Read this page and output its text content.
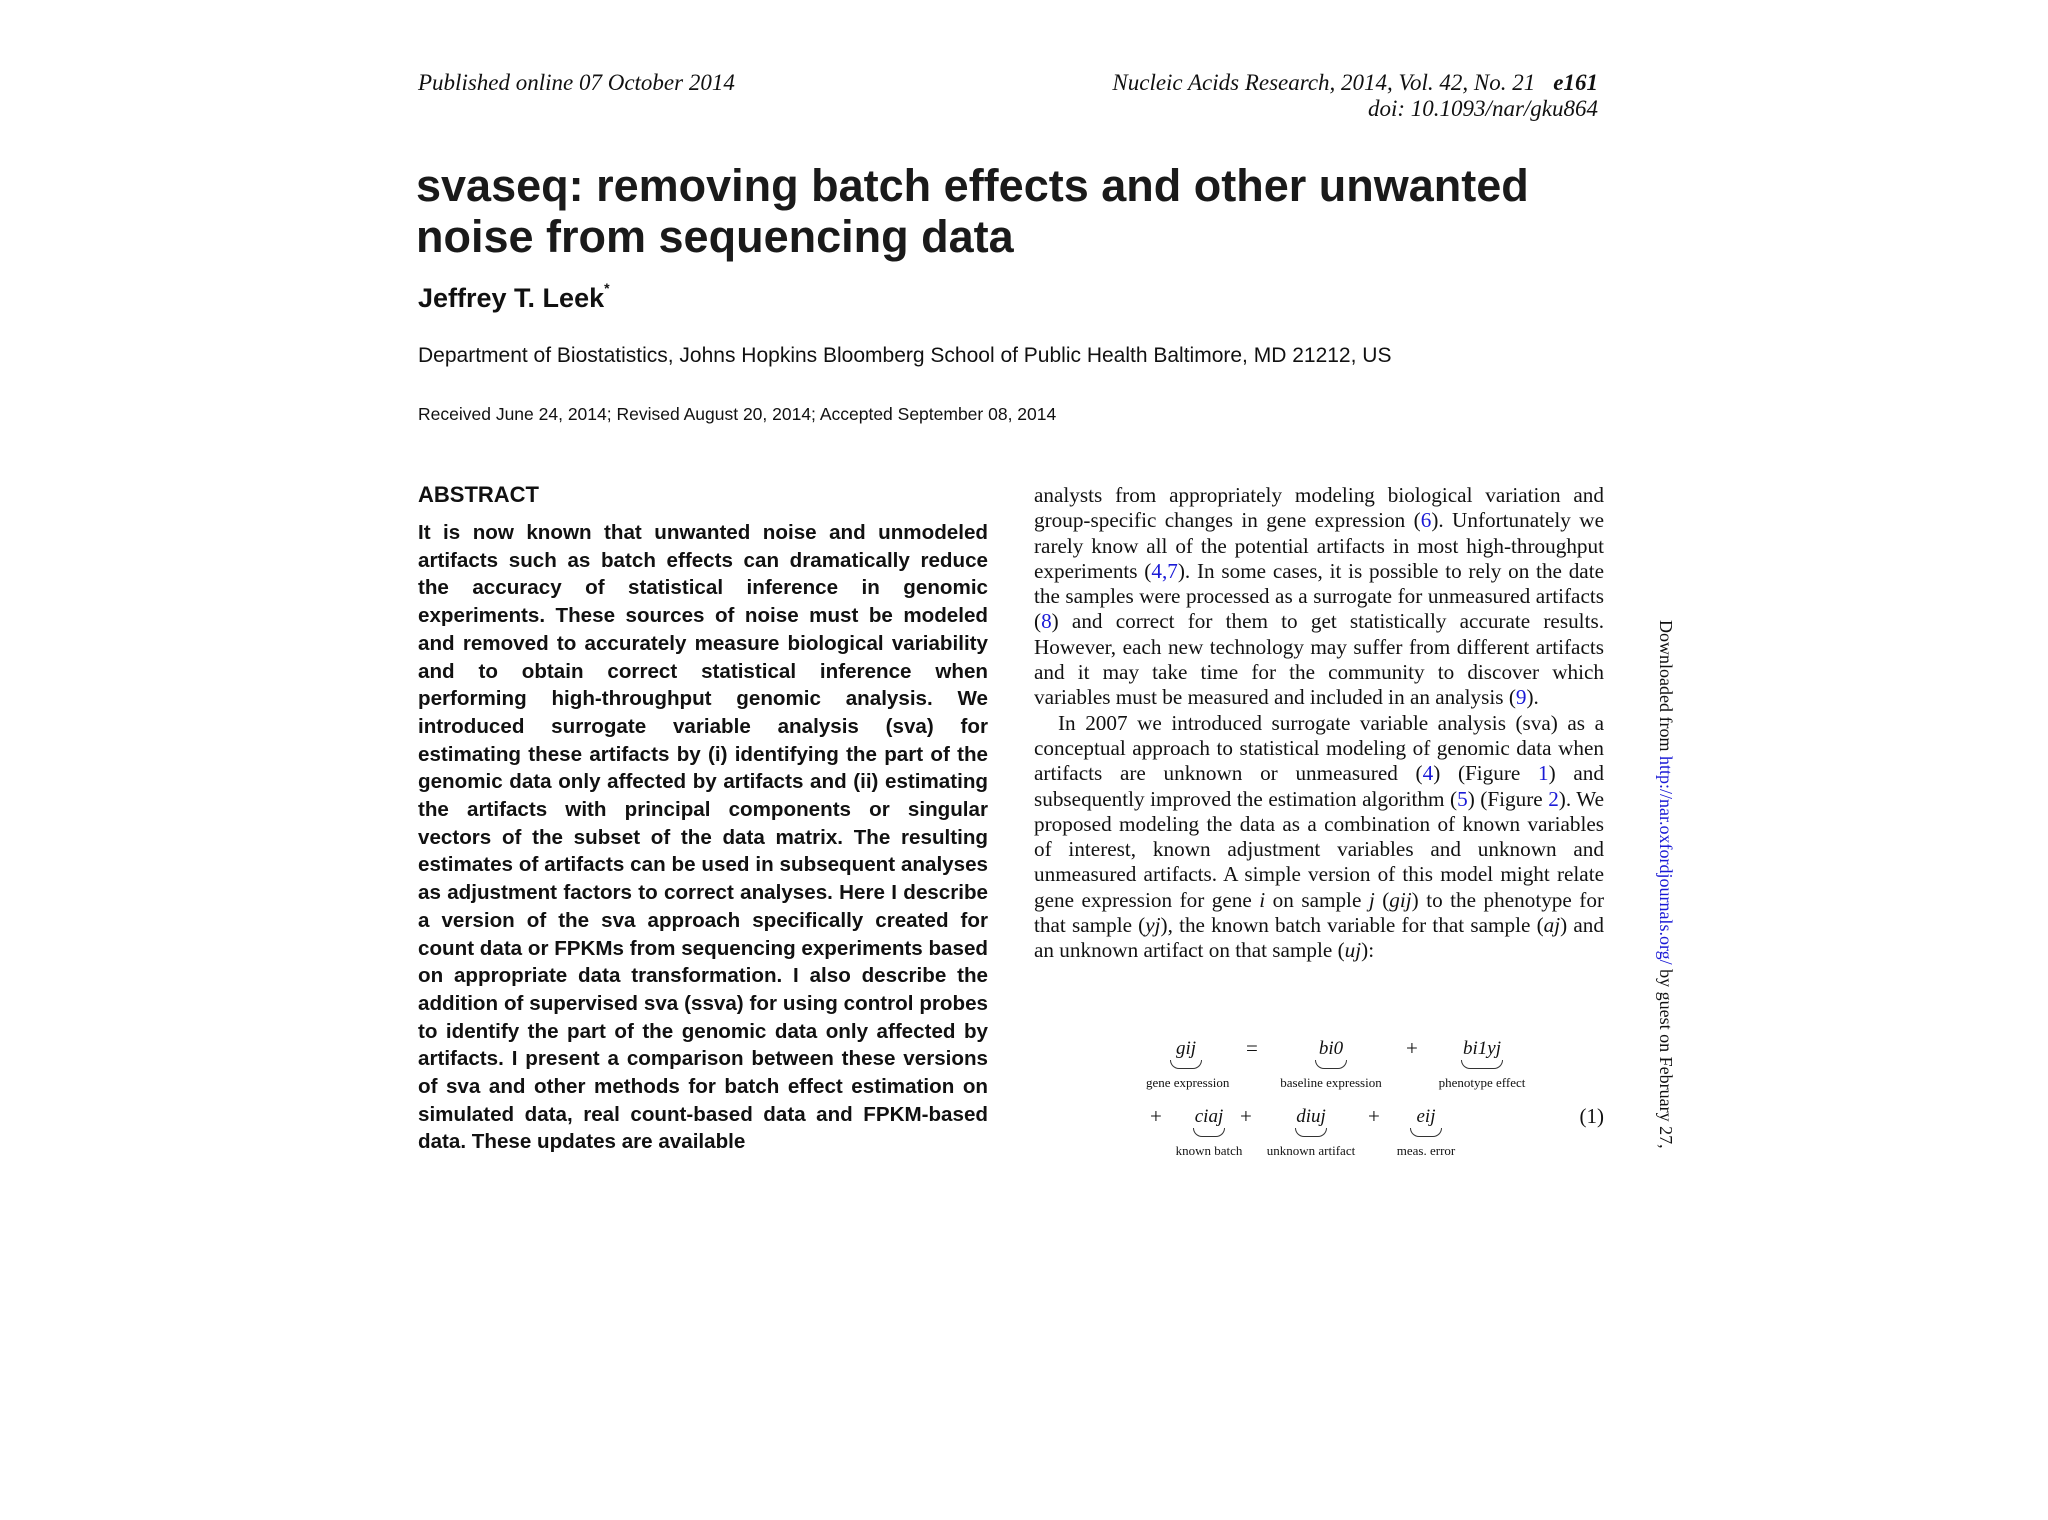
Published online 07 October 2014	Nucleic Acids Research, 2014, Vol. 42, No. 21 e161
doi: 10.1093/nar/gku864
svaseq: removing batch effects and other unwanted noise from sequencing data
Jeffrey T. Leek*
Department of Biostatistics, Johns Hopkins Bloomberg School of Public Health Baltimore, MD 21212, US
Received June 24, 2014; Revised August 20, 2014; Accepted September 08, 2014
ABSTRACT
It is now known that unwanted noise and unmodeled artifacts such as batch effects can dramatically reduce the accuracy of statistical inference in genomic experiments. These sources of noise must be modeled and removed to accurately measure biological variability and to obtain correct statistical inference when performing high-throughput genomic analysis. We introduced surrogate variable analysis (sva) for estimating these artifacts by (i) identifying the part of the genomic data only affected by artifacts and (ii) estimating the artifacts with principal components or singular vectors of the subset of the data matrix. The resulting estimates of artifacts can be used in subsequent analyses as adjustment factors to correct analyses. Here I describe a version of the sva approach specifically created for count data or FPKMs from sequencing experiments based on appropriate data transformation. I also describe the addition of supervised sva (ssva) for using control probes to identify the part of the genomic data only affected by artifacts. I present a comparison between these versions of sva and other methods for batch effect estimation on simulated data, real count-based data and FPKM-based data. These updates are available

analysts from appropriately modeling biological variation and group-specific changes in gene expression (6). Unfortunately we rarely know all of the potential artifacts in most high-throughput experiments (4,7). In some cases, it is possible to rely on the date the samples were processed as a surrogate for unmeasured artifacts (8) and correct for them to get statistically accurate results. However, each new technology may suffer from different artifacts and it may take time for the community to discover which variables must be measured and included in an analysis (9).

In 2007 we introduced surrogate variable analysis (sva) as a conceptual approach to statistical modeling of genomic data when artifacts are unknown or unmeasured (4) (Figure 1) and subsequently improved the estimation algorithm (5) (Figure 2). We proposed modeling the data as a combination of known variables of interest, known adjustment variables and unknown and unmeasured artifacts. A simple version of this model might relate gene expression for gene i on sample j (gij) to the phenotype for that sample (yj), the known batch variable for that sample (aj) and an unknown artifact on that sample (uj):

gij
gene expression
=	bi0
baseline expression
+	bi1yj
phenotype effect
+	ciaj
known batch
+	diuj
unknown artifact
+	eij
meas. error
(1)
Downloaded from http://nar.oxfordjournals.org/ by guest on February 27,
